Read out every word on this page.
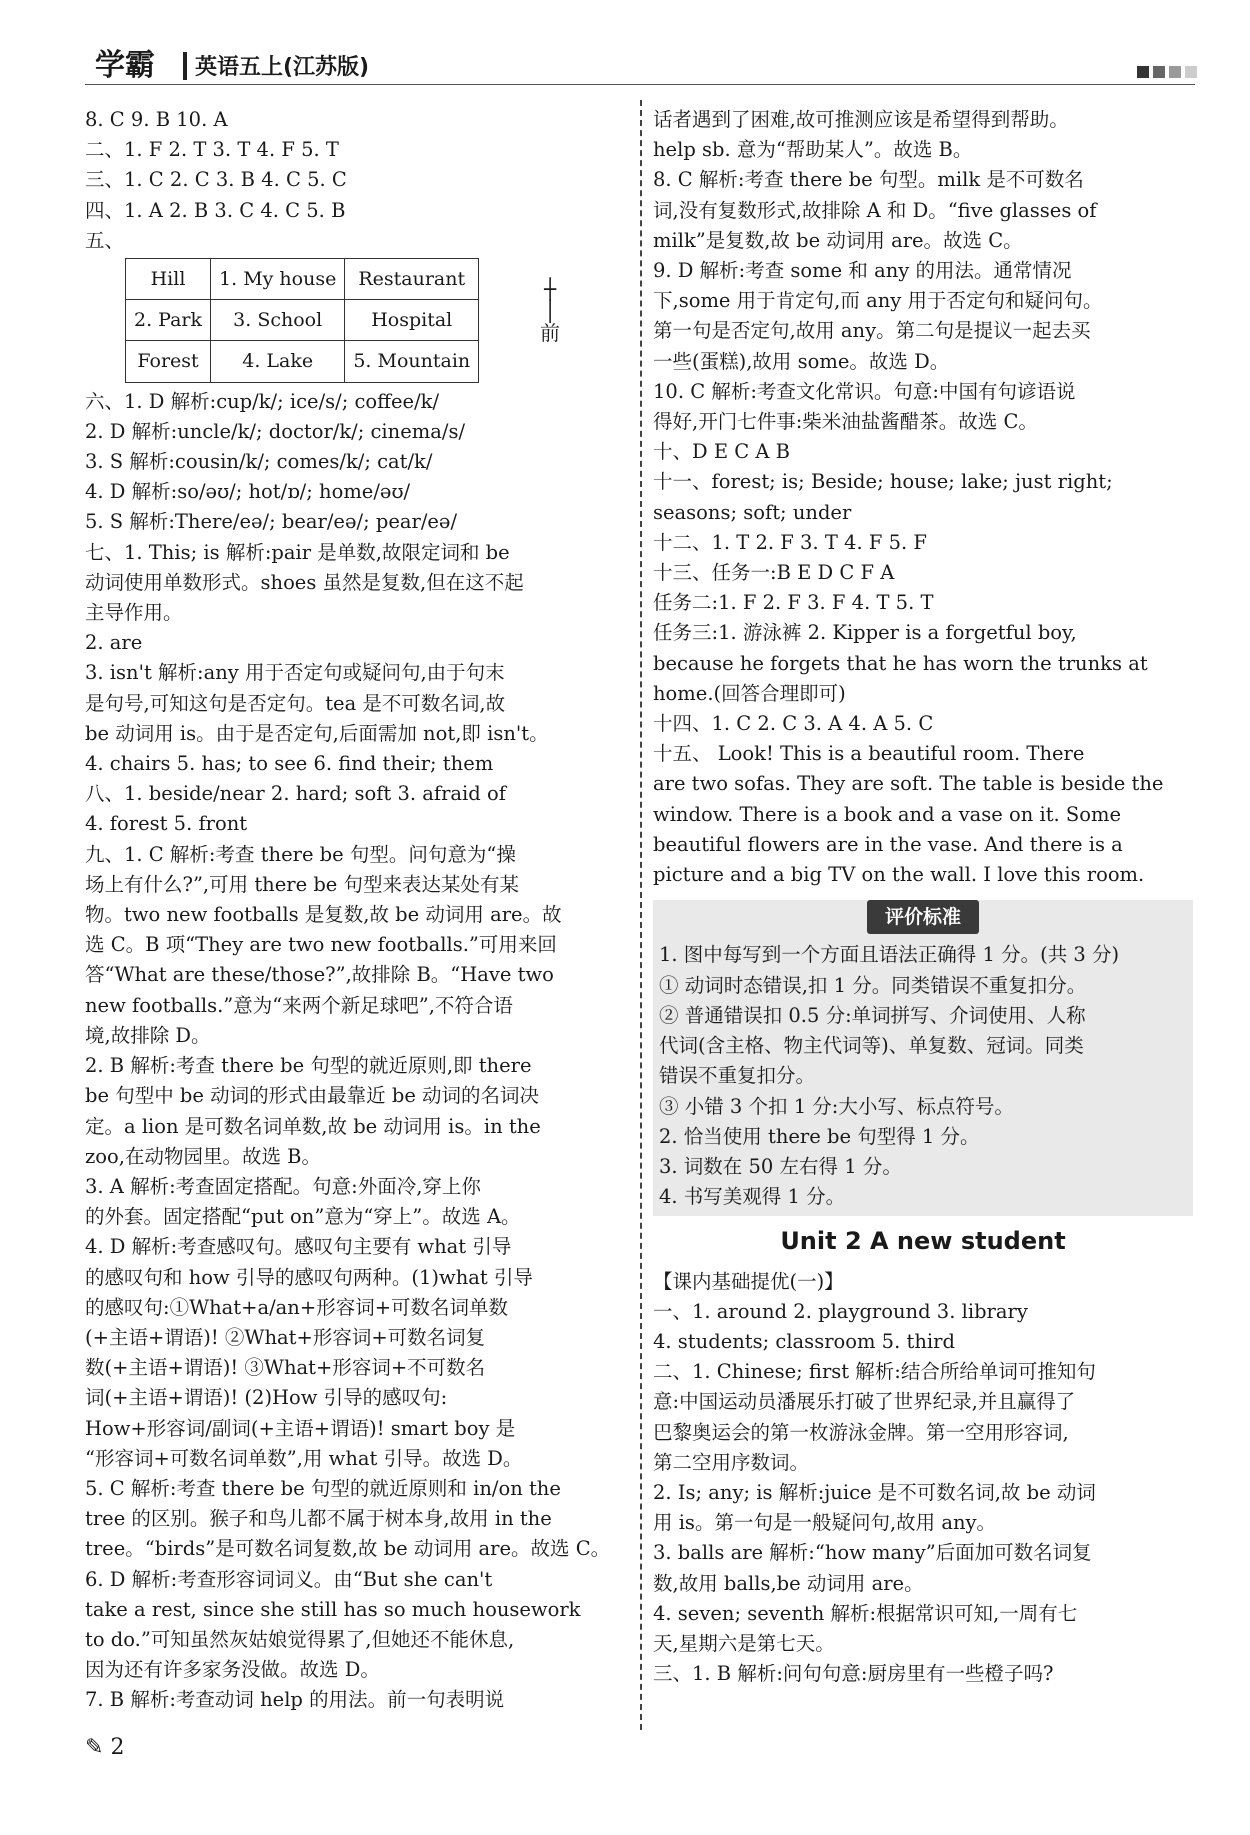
学霸 英语五上(江苏版)

8. C 9. B 10. A

二、1. F 2. T 3. T 4. F 5. T

三、1. C 2. C 3. B 4. C 5. C

四、1. A 2. B 3. C 4. C 5. B

五、

Hill	1. My house	Restaurant
2. Park	3. School	Hospital
Forest	4. Lake	5. Mountain
┼
│
前

六、1. D 解析:cup/k/; ice/s/; coffee/k/

2. D 解析:uncle/k/; doctor/k/; cinema/s/

3. S 解析:cousin/k/; comes/k/; cat/k/

4. D 解析:so/əʊ/; hot/ɒ/; home/əʊ/

5. S 解析:There/eə/; bear/eə/; pear/eə/

七、1. This; is 解析:pair 是单数,故限定词和 be

动词使用单数形式。shoes 虽然是复数,但在这不起

主导作用。

2. are

3. isn't 解析:any 用于否定句或疑问句,由于句末

是句号,可知这句是否定句。tea 是不可数名词,故

be 动词用 is。由于是否定句,后面需加 not,即 isn't。

4. chairs 5. has; to see 6. find their; them

八、1. beside/near 2. hard; soft 3. afraid of

4. forest 5. front

九、1. C 解析:考查 there be 句型。问句意为“操

场上有什么?”,可用 there be 句型来表达某处有某

物。two new footballs 是复数,故 be 动词用 are。故

选 C。B 项“They are two new footballs.”可用来回

答“What are these/those?”,故排除 B。“Have two

new footballs.”意为“来两个新足球吧”,不符合语

境,故排除 D。

2. B 解析:考查 there be 句型的就近原则,即 there

be 句型中 be 动词的形式由最靠近 be 动词的名词决

定。a lion 是可数名词单数,故 be 动词用 is。in the

zoo,在动物园里。故选 B。

3. A 解析:考查固定搭配。句意:外面冷,穿上你

的外套。固定搭配“put on”意为“穿上”。故选 A。

4. D 解析:考查感叹句。感叹句主要有 what 引导

的感叹句和 how 引导的感叹句两种。(1)what 引导

的感叹句:①What+a/an+形容词+可数名词单数

(+主语+谓语)! ②What+形容词+可数名词复

数(+主语+谓语)! ③What+形容词+不可数名

词(+主语+谓语)! (2)How 引导的感叹句:

How+形容词/副词(+主语+谓语)! smart boy 是

“形容词+可数名词单数”,用 what 引导。故选 D。

5. C 解析:考查 there be 句型的就近原则和 in/on the

tree 的区别。猴子和鸟儿都不属于树本身,故用 in the

tree。“birds”是可数名词复数,故 be 动词用 are。故选 C。

6. D 解析:考查形容词词义。由“But she can't

take a rest, since she still has so much housework

to do.”可知虽然灰姑娘觉得累了,但她还不能休息,

因为还有许多家务没做。故选 D。

7. B 解析:考查动词 help 的用法。前一句表明说

话者遇到了困难,故可推测应该是希望得到帮助。

help sb. 意为“帮助某人”。故选 B。

8. C 解析:考查 there be 句型。milk 是不可数名

词,没有复数形式,故排除 A 和 D。“five glasses of

milk”是复数,故 be 动词用 are。故选 C。

9. D 解析:考查 some 和 any 的用法。通常情况

下,some 用于肯定句,而 any 用于否定句和疑问句。

第一句是否定句,故用 any。第二句是提议一起去买

一些(蛋糕),故用 some。故选 D。

10. C 解析:考查文化常识。句意:中国有句谚语说

得好,开门七件事:柴米油盐酱醋茶。故选 C。

十、D E C A B

十一、forest; is; Beside; house; lake; just right;

seasons; soft; under

十二、1. T 2. F 3. T 4. F 5. F

十三、任务一:B E D C F A

任务二:1. F 2. F 3. F 4. T 5. T

任务三:1. 游泳裤 2. Kipper is a forgetful boy,

because he forgets that he has worn the trunks at

home.(回答合理即可)

十四、1. C 2. C 3. A 4. A 5. C

十五、 Look! This is a beautiful room. There

are two sofas. They are soft. The table is beside the

window. There is a book and a vase on it. Some

beautiful flowers are in the vase. And there is a

picture and a big TV on the wall. I love this room.

评价标准

1. 图中每写到一个方面且语法正确得 1 分。(共 3 分)

① 动词时态错误,扣 1 分。同类错误不重复扣分。

② 普通错误扣 0.5 分:单词拼写、介词使用、人称

代词(含主格、物主代词等)、单复数、冠词。同类

错误不重复扣分。

③ 小错 3 个扣 1 分:大小写、标点符号。

2. 恰当使用 there be 句型得 1 分。

3. 词数在 50 左右得 1 分。

4. 书写美观得 1 分。

Unit 2 A new student

【课内基础提优(一)】

一、1. around 2. playground 3. library

4. students; classroom 5. third

二、1. Chinese; first 解析:结合所给单词可推知句

意:中国运动员潘展乐打破了世界纪录,并且赢得了

巴黎奥运会的第一枚游泳金牌。第一空用形容词,

第二空用序数词。

2. Is; any; is 解析:juice 是不可数名词,故 be 动词

用 is。第一句是一般疑问句,故用 any。

3. balls are 解析:“how many”后面加可数名词复

数,故用 balls,be 动词用 are。

4. seven; seventh 解析:根据常识可知,一周有七

天,星期六是第七天。

三、1. B 解析:问句句意:厨房里有一些橙子吗?

✎ 2
